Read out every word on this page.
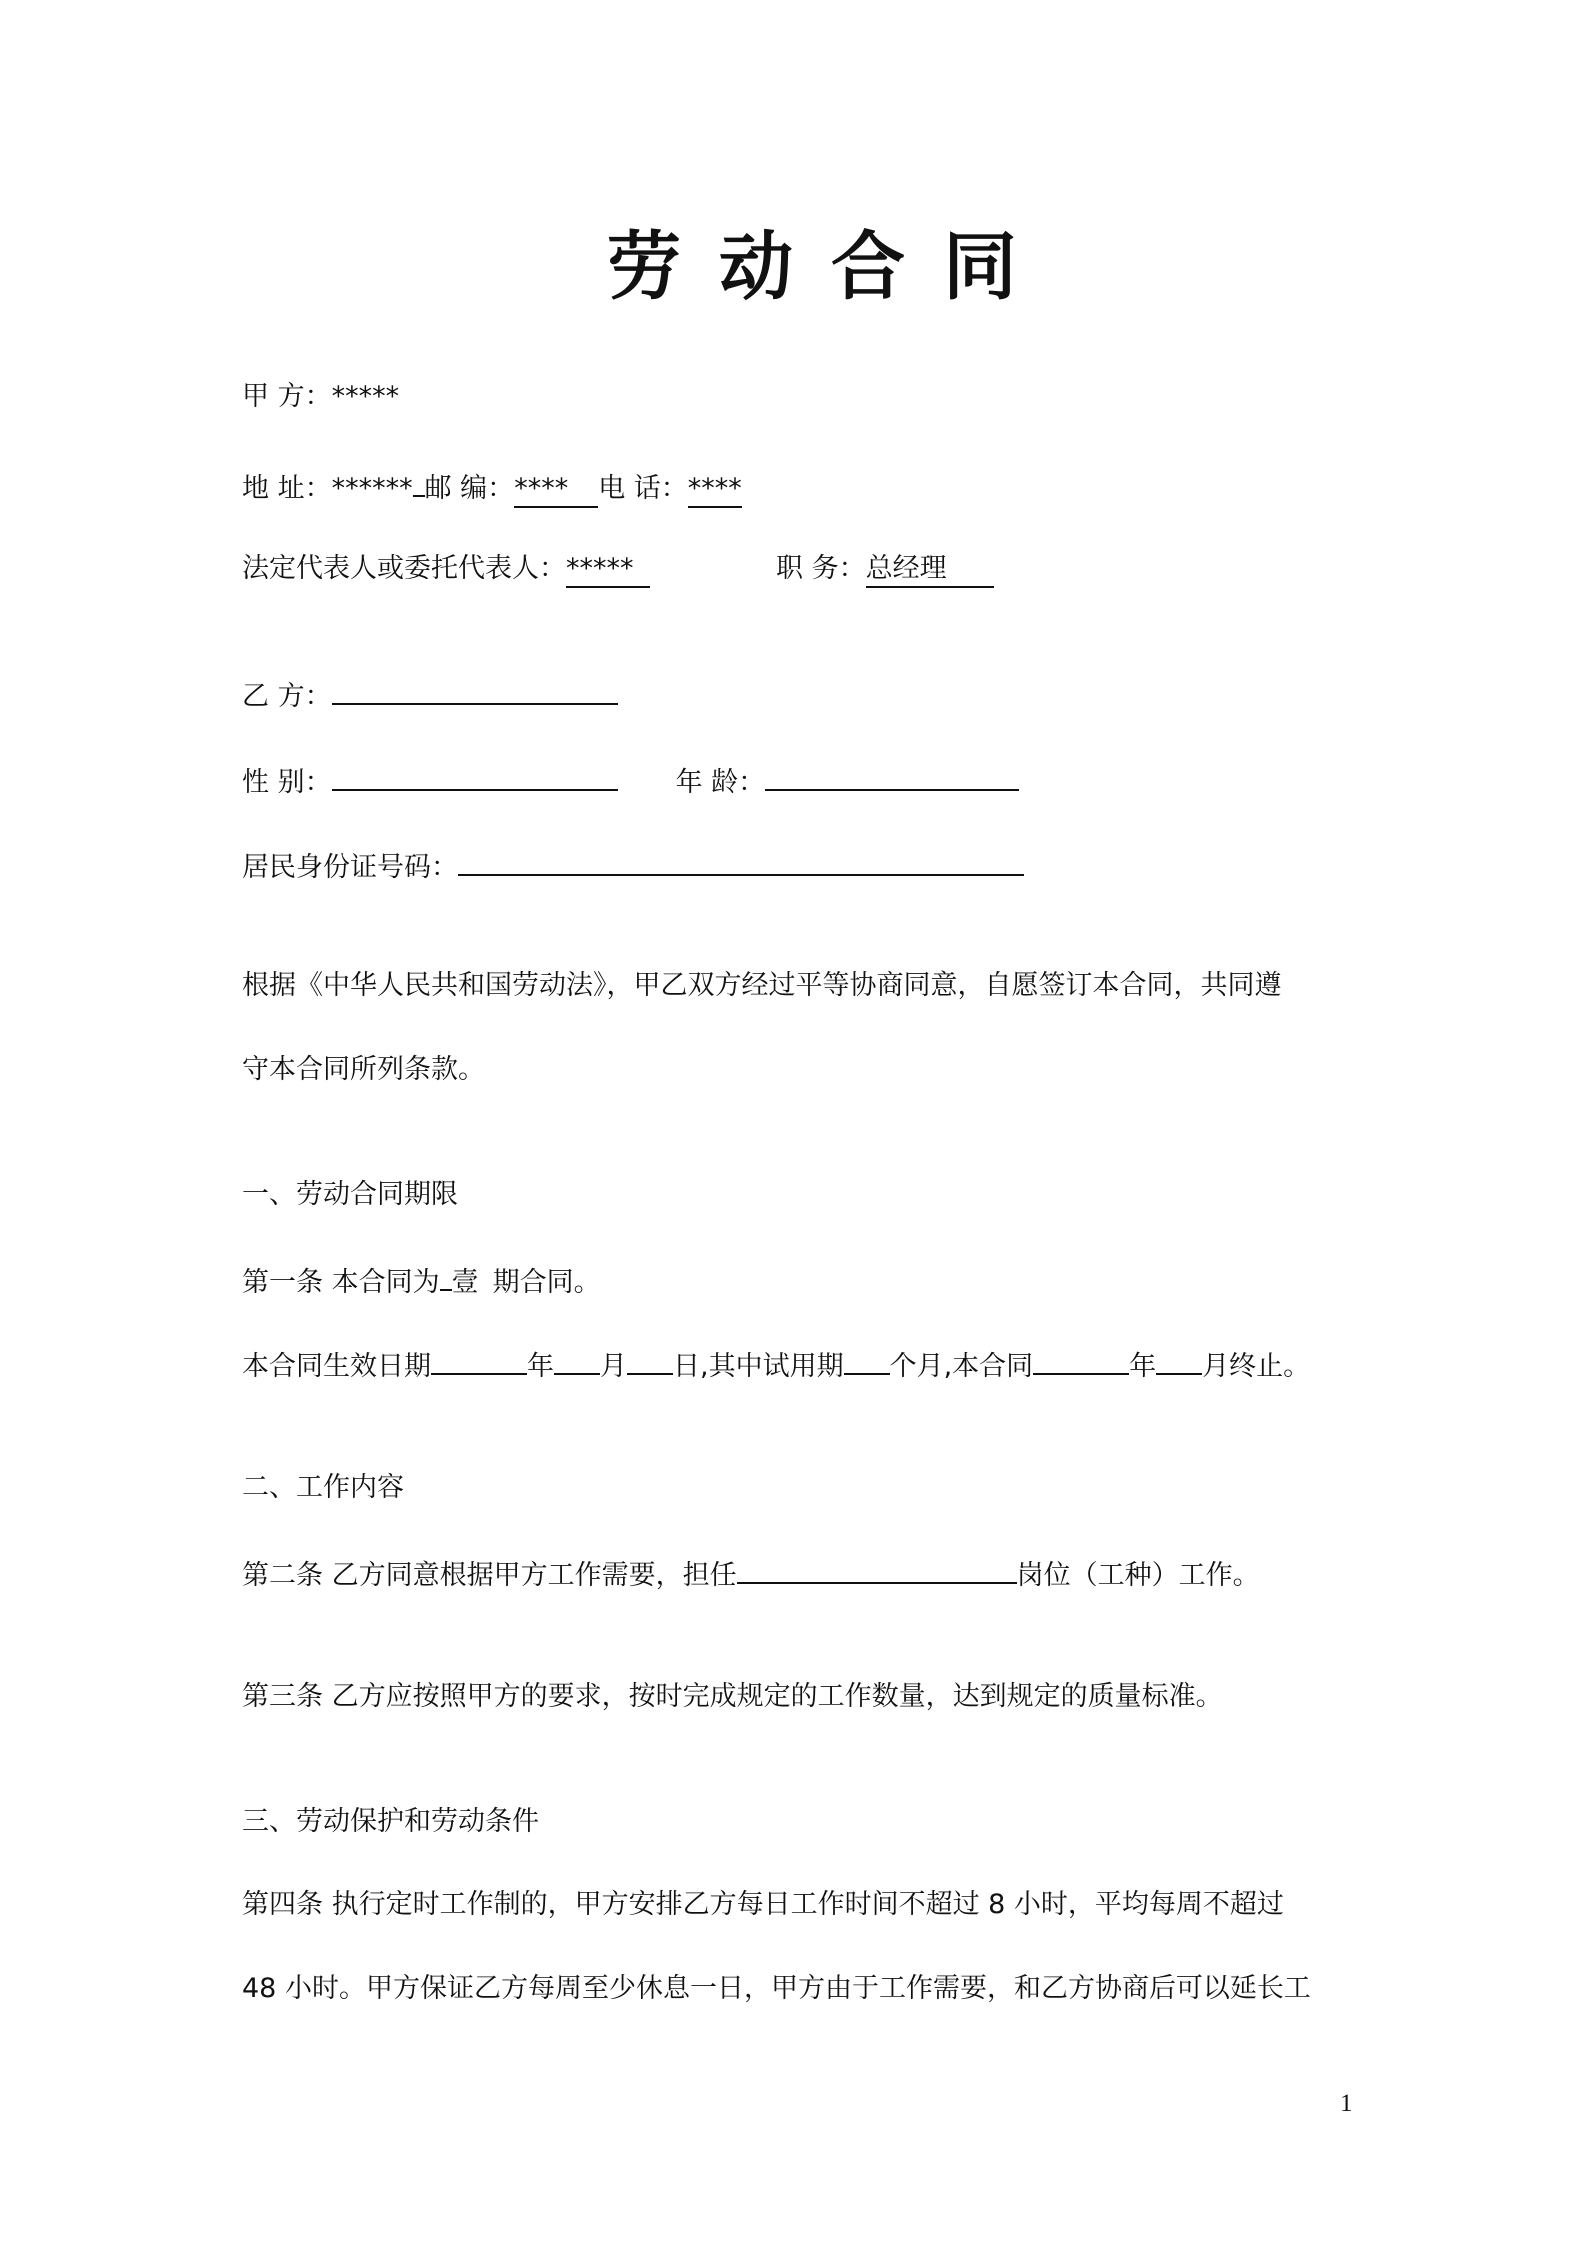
劳动合同
甲 方：*****
地 址：****** 邮 编：**** 电 话：****
法定代表人或委托代表人：*****	职 务：总经理
乙 方：
性 别：	年 龄：
居民身份证号码：
根据《中华人民共和国劳动法》，甲乙双方经过平等协商同意，自愿签订本合同，共同遵
守本合同所列条款。
一、劳动合同期限
第一条 本合同为 壹 期合同。
本合同生效日期	年 月 日,其中试用期 个月,本合同	年 月终止。
二、工作内容
第二条 乙方同意根据甲方工作需要，担任	岗位（工种）工作。
第三条 乙方应按照甲方的要求，按时完成规定的工作数量，达到规定的质量标准。
三、劳动保护和劳动条件
第四条 执行定时工作制的，甲方安排乙方每日工作时间不超过 8 小时，平均每周不超过
48 小时。甲方保证乙方每周至少休息一日，甲方由于工作需要，和乙方协商后可以延长工
1
